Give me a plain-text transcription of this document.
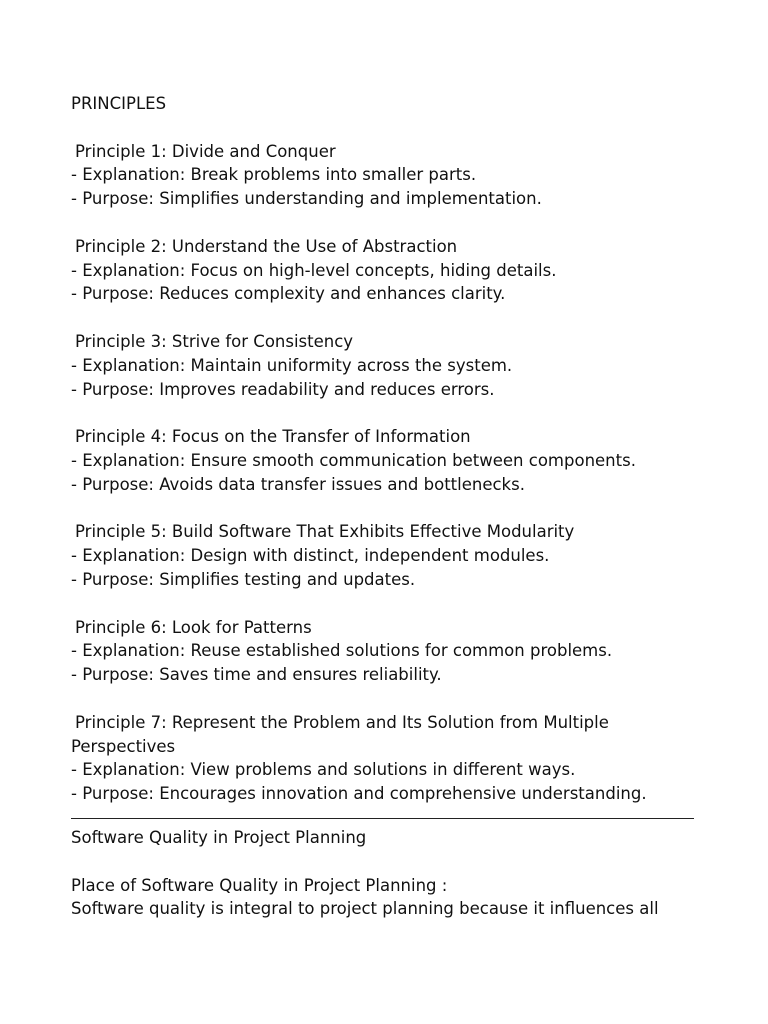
PRINCIPLES
Principle 1: Divide and Conquer
- Explanation: Break problems into smaller parts.
- Purpose: Simplifies understanding and implementation.
Principle 2: Understand the Use of Abstraction
- Explanation: Focus on high-level concepts, hiding details.
- Purpose: Reduces complexity and enhances clarity.
Principle 3: Strive for Consistency
- Explanation: Maintain uniformity across the system.
- Purpose: Improves readability and reduces errors.
Principle 4: Focus on the Transfer of Information
- Explanation: Ensure smooth communication between components.
- Purpose: Avoids data transfer issues and bottlenecks.
Principle 5: Build Software That Exhibits Effective Modularity
- Explanation: Design with distinct, independent modules.
- Purpose: Simplifies testing and updates.
Principle 6: Look for Patterns
- Explanation: Reuse established solutions for common problems.
- Purpose: Saves time and ensures reliability.
Principle 7: Represent the Problem and Its Solution from Multiple
Perspectives
- Explanation: View problems and solutions in different ways.
- Purpose: Encourages innovation and comprehensive understanding.
Software Quality in Project Planning
Place of Software Quality in Project Planning :
Software quality is integral to project planning because it influences all
